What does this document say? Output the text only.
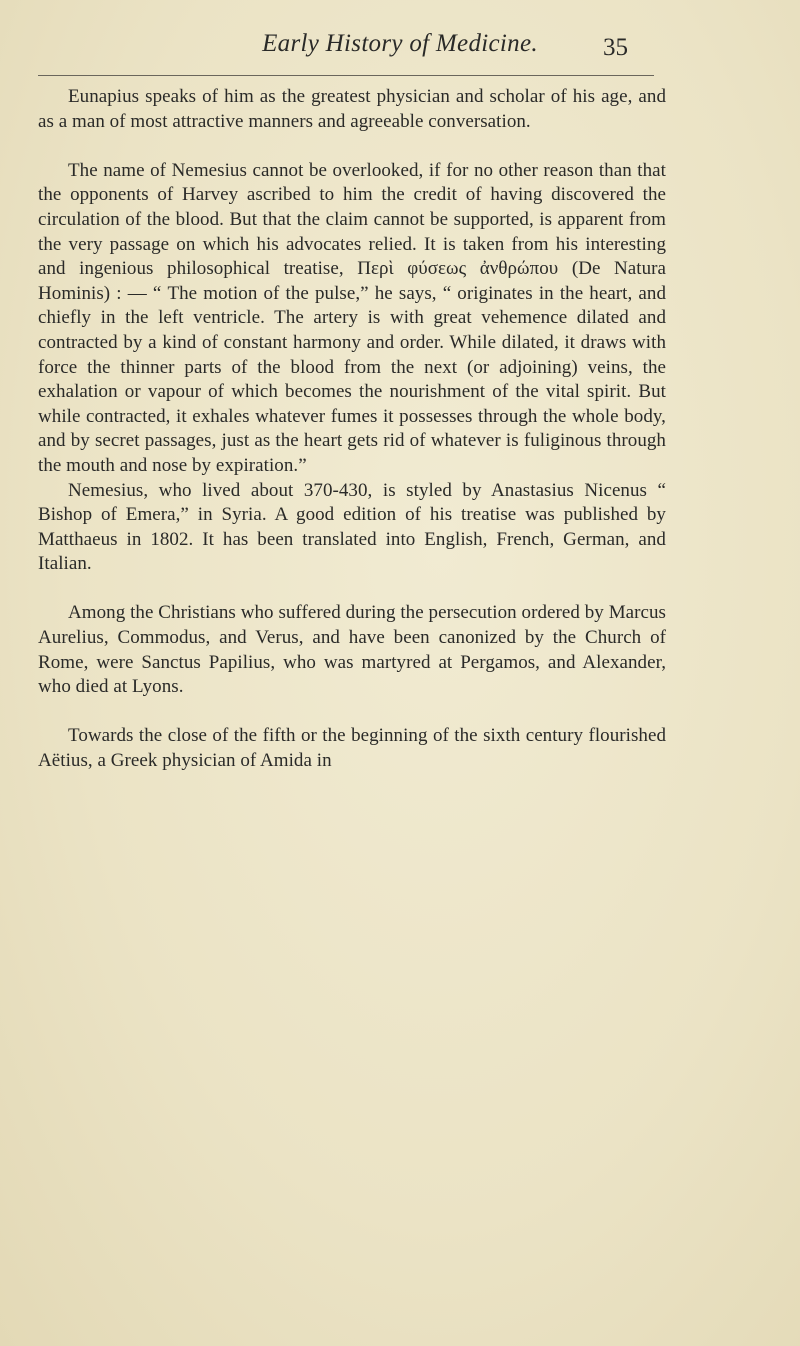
Early History of Medicine.	35

Eunapius speaks of him as the greatest physician and scholar of his age, and as a man of most attractive manners and agreeable conversation.

The name of Nemesius cannot be overlooked, if for no other reason than that the opponents of Harvey ascribed to him the credit of having discovered the circulation of the blood. But that the claim cannot be supported, is apparent from the very passage on which his advocates relied. It is taken from his interesting and ingenious philosophical treatise, Περὶ φύσεως ἀνθρώπου (De Natura Hominis) : — “ The motion of the pulse,” he says, “ originates in the heart, and chiefly in the left ventricle. The artery is with great vehemence dilated and contracted by a kind of constant harmony and order. While dilated, it draws with force the thinner parts of the blood from the next (or adjoining) veins, the exhalation or vapour of which becomes the nourishment of the vital spirit. But while contracted, it exhales whatever fumes it possesses through the whole body, and by secret passages, just as the heart gets rid of whatever is fuliginous through the mouth and nose by expiration.”

Nemesius, who lived about 370-430, is styled by Anastasius Nicenus “ Bishop of Emera,” in Syria. A good edition of his treatise was published by Matthaeus in 1802. It has been translated into English, French, German, and Italian.

Among the Christians who suffered during the persecution ordered by Marcus Aurelius, Commodus, and Verus, and have been canonized by the Church of Rome, were Sanctus Papilius, who was martyred at Pergamos, and Alexander, who died at Lyons.

Towards the close of the fifth or the beginning of the sixth century flourished Aëtius, a Greek physician of Amida in
